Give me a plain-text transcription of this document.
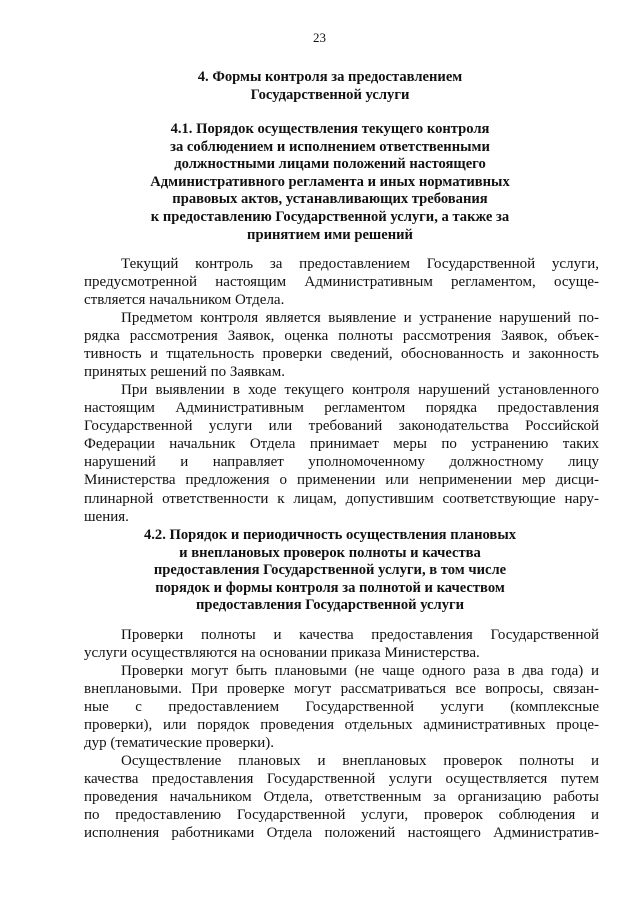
23
4. Формы контроля за предоставлением
Государственной услуги
4.1. Порядок осуществления текущего контроля
за соблюдением и исполнением ответственными
должностными лицами положений настоящего
Административного регламента и иных нормативных
правовых актов, устанавливающих требования
к предоставлению Государственной услуги, а также за
принятием ими решений
Текущий контроль за предоставлением Государственной услуги,
предусмотренной настоящим Административным регламентом, осуще-
ствляется начальником Отдела.
Предметом контроля является выявление и устранение нарушений по-
рядка рассмотрения Заявок, оценка полноты рассмотрения Заявок, объек-
тивность и тщательность проверки сведений, обоснованность и законность
принятых решений по Заявкам.
При выявлении в ходе текущего контроля нарушений установленного
настоящим Административным регламентом порядка предоставления
Государственной услуги или требований законодательства Российской
Федерации начальник Отдела принимает меры по устранению таких
нарушений и направляет уполномоченному должностному лицу
Министерства предложения о применении или неприменении мер дисци-
плинарной ответственности к лицам, допустившим соответствующие нару-
шения.
4.2. Порядок и периодичность осуществления плановых
и внеплановых проверок полноты и качества
предоставления Государственной услуги, в том числе
порядок и формы контроля за полнотой и качеством
предоставления Государственной услуги
Проверки полноты и качества предоставления Государственной
услуги осуществляются на основании приказа Министерства.
Проверки могут быть плановыми (не чаще одного раза в два года) и
внеплановыми. При проверке могут рассматриваться все вопросы, связан-
ные с предоставлением Государственной услуги (комплексные
проверки), или порядок проведения отдельных административных проце-
дур (тематические проверки).
Осуществление плановых и внеплановых проверок полноты и
качества предоставления Государственной услуги осуществляется путем
проведения начальником Отдела, ответственным за организацию работы
по предоставлению Государственной услуги, проверок соблюдения и
исполнения работниками Отдела положений настоящего Административ-
